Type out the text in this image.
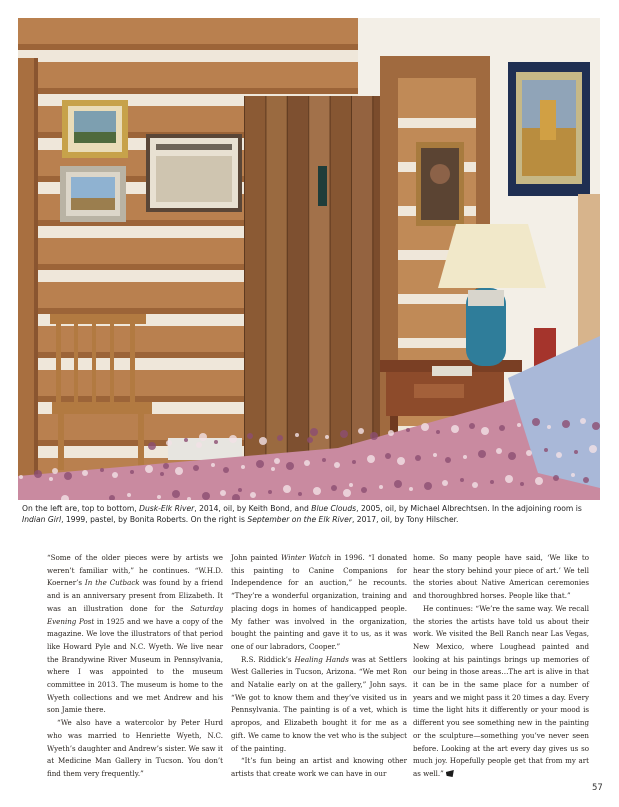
On the left are, top to bottom, Dusk-Elk River, 2014, oil, by Keith Bond, and Blue Clouds, 2005, oil, by Michael Albrechtsen. In the adjoining room is Indian Girl, 1999, pastel, by Bonita Roberts. On the right is September on the Elk River, 2017, oil, by Tony Hilscher.

“Some of the older pieces were by artists we weren’t familiar with,” he continues. “W.H.D. Koerner’s In the Cutback was found by a friend and is an anniversary present from Elizabeth. It was an illustration done for the Saturday Evening Post in 1925 and we have a copy of the magazine. We love the illustrators of that period like Howard Pyle and N.C. Wyeth. We live near the Brandywine River Museum in Pennsylvania, where I was appointed to the museum committee in 2013. The museum is home to the Wyeth collections and we met Andrew and his son Jamie there.

“We also have a watercolor by Peter Hurd who was married to Henriette Wyeth, N.C. Wyeth’s daughter and Andrew’s sister. We saw it at Medicine Man Gallery in Tucson. You don’t find them very frequently.”

John painted Winter Watch in 1996. “I donated this painting to Canine Companions for Independence for an auction,” he recounts. “They’re a wonderful organization, training and placing dogs in homes of handicapped people. My father was involved in the organization, bought the painting and gave it to us, as it was one of our labradors, Cooper.”

R.S. Riddick’s Healing Hands was at Settlers West Galleries in Tucson, Arizona. “We met Ron and Natalie early on at the gallery,” John says. “We got to know them and they’ve visited us in Pennsylvania. The painting is of a vet, which is apropos, and Elizabeth bought it for me as a gift. We came to know the vet who is the subject of the painting.

“It’s fun being an artist and knowing other artists that create work we can have in our

home. So many people have said, ‘We like to hear the story behind your piece of art.’ We tell the stories about Native American ceremonies and thoroughbred horses. People like that.”

He continues: “We’re the same way. We recall the stories the artists have told us about their work. We visited the Bell Ranch near Las Vegas, New Mexico, where Loughead painted and looking at his paintings brings up memories of our being in those areas…The art is alive in that it can be in the same place for a number of years and we might pass it 20 times a day. Every time the light hits it differently or your mood is different you see something new in the painting or the sculpture—something you’ve never seen before. Looking at the art every day gives us so much joy. Hopefully people get that from my art as well.”

57
